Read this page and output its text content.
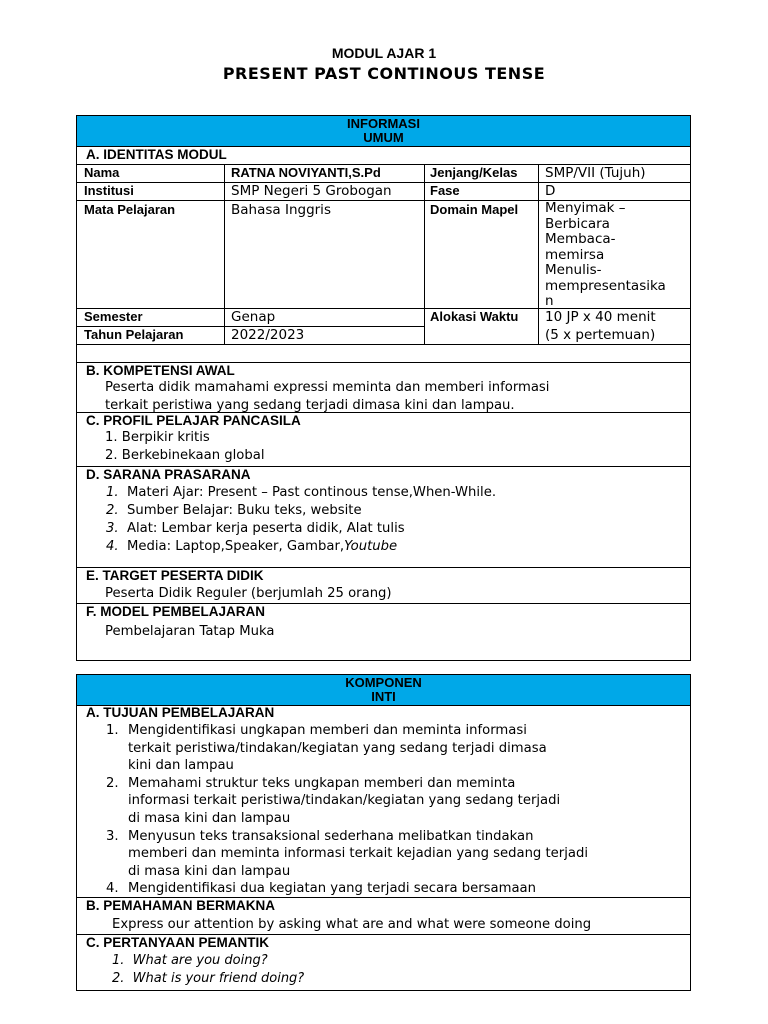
MODUL AJAR 1
PRESENT PAST CONTINOUS TENSE
INFORMASI
UMUM
A. IDENTITAS MODUL
Nama	RATNA NOVIYANTI,S.Pd	Jenjang/Kelas SMP/VII (Tujuh)
Institusi	SMP Negeri 5 Grobogan	Fase	D
Mata Pelajaran	Bahasa Inggris	Domain Mapel Menyimak –
Berbicara
Membaca-
memirsa
Menulis-
mempresentasika
n
Semester	Genap	Alokasi Waktu 10 JP x 40 menit
(5 x pertemuan)
Tahun Pelajaran	2022/2023
B. KOMPETENSI AWAL
Peserta didik mamahami expressi meminta dan memberi informasi
terkait peristiwa yang sedang terjadi dimasa kini dan lampau.
C. PROFIL PELAJAR PANCASILA
1. Berpikir kritis
2. Berkebinekaan global
D. SARANA PRASARANA
1. Materi Ajar: Present – Past continous tense,When-While.
2. Sumber Belajar: Buku teks, website
3. Alat: Lembar kerja peserta didik, Alat tulis
4. Media: Laptop,Speaker, Gambar,Youtube
E. TARGET PESERTA DIDIK
Peserta Didik Reguler (berjumlah 25 orang)
F. MODEL PEMBELAJARAN
Pembelajaran Tatap Muka
KOMPONEN
INTI
A. TUJUAN PEMBELAJARAN
1. Mengidentifikasi ungkapan memberi dan meminta informasi
terkait peristiwa/tindakan/kegiatan yang sedang terjadi dimasa
kini dan lampau
2. Memahami struktur teks ungkapan memberi dan meminta
informasi terkait peristiwa/tindakan/kegiatan yang sedang terjadi
di masa kini dan lampau
3. Menyusun teks transaksional sederhana melibatkan tindakan
memberi dan meminta informasi terkait kejadian yang sedang terjadi
di masa kini dan lampau
4. Mengidentifikasi dua kegiatan yang terjadi secara bersamaan
B. PEMAHAMAN BERMAKNA
Express our attention by asking what are and what were someone doing
C. PERTANYAAN PEMANTIK
1. What are you doing?
2. What is your friend doing?
